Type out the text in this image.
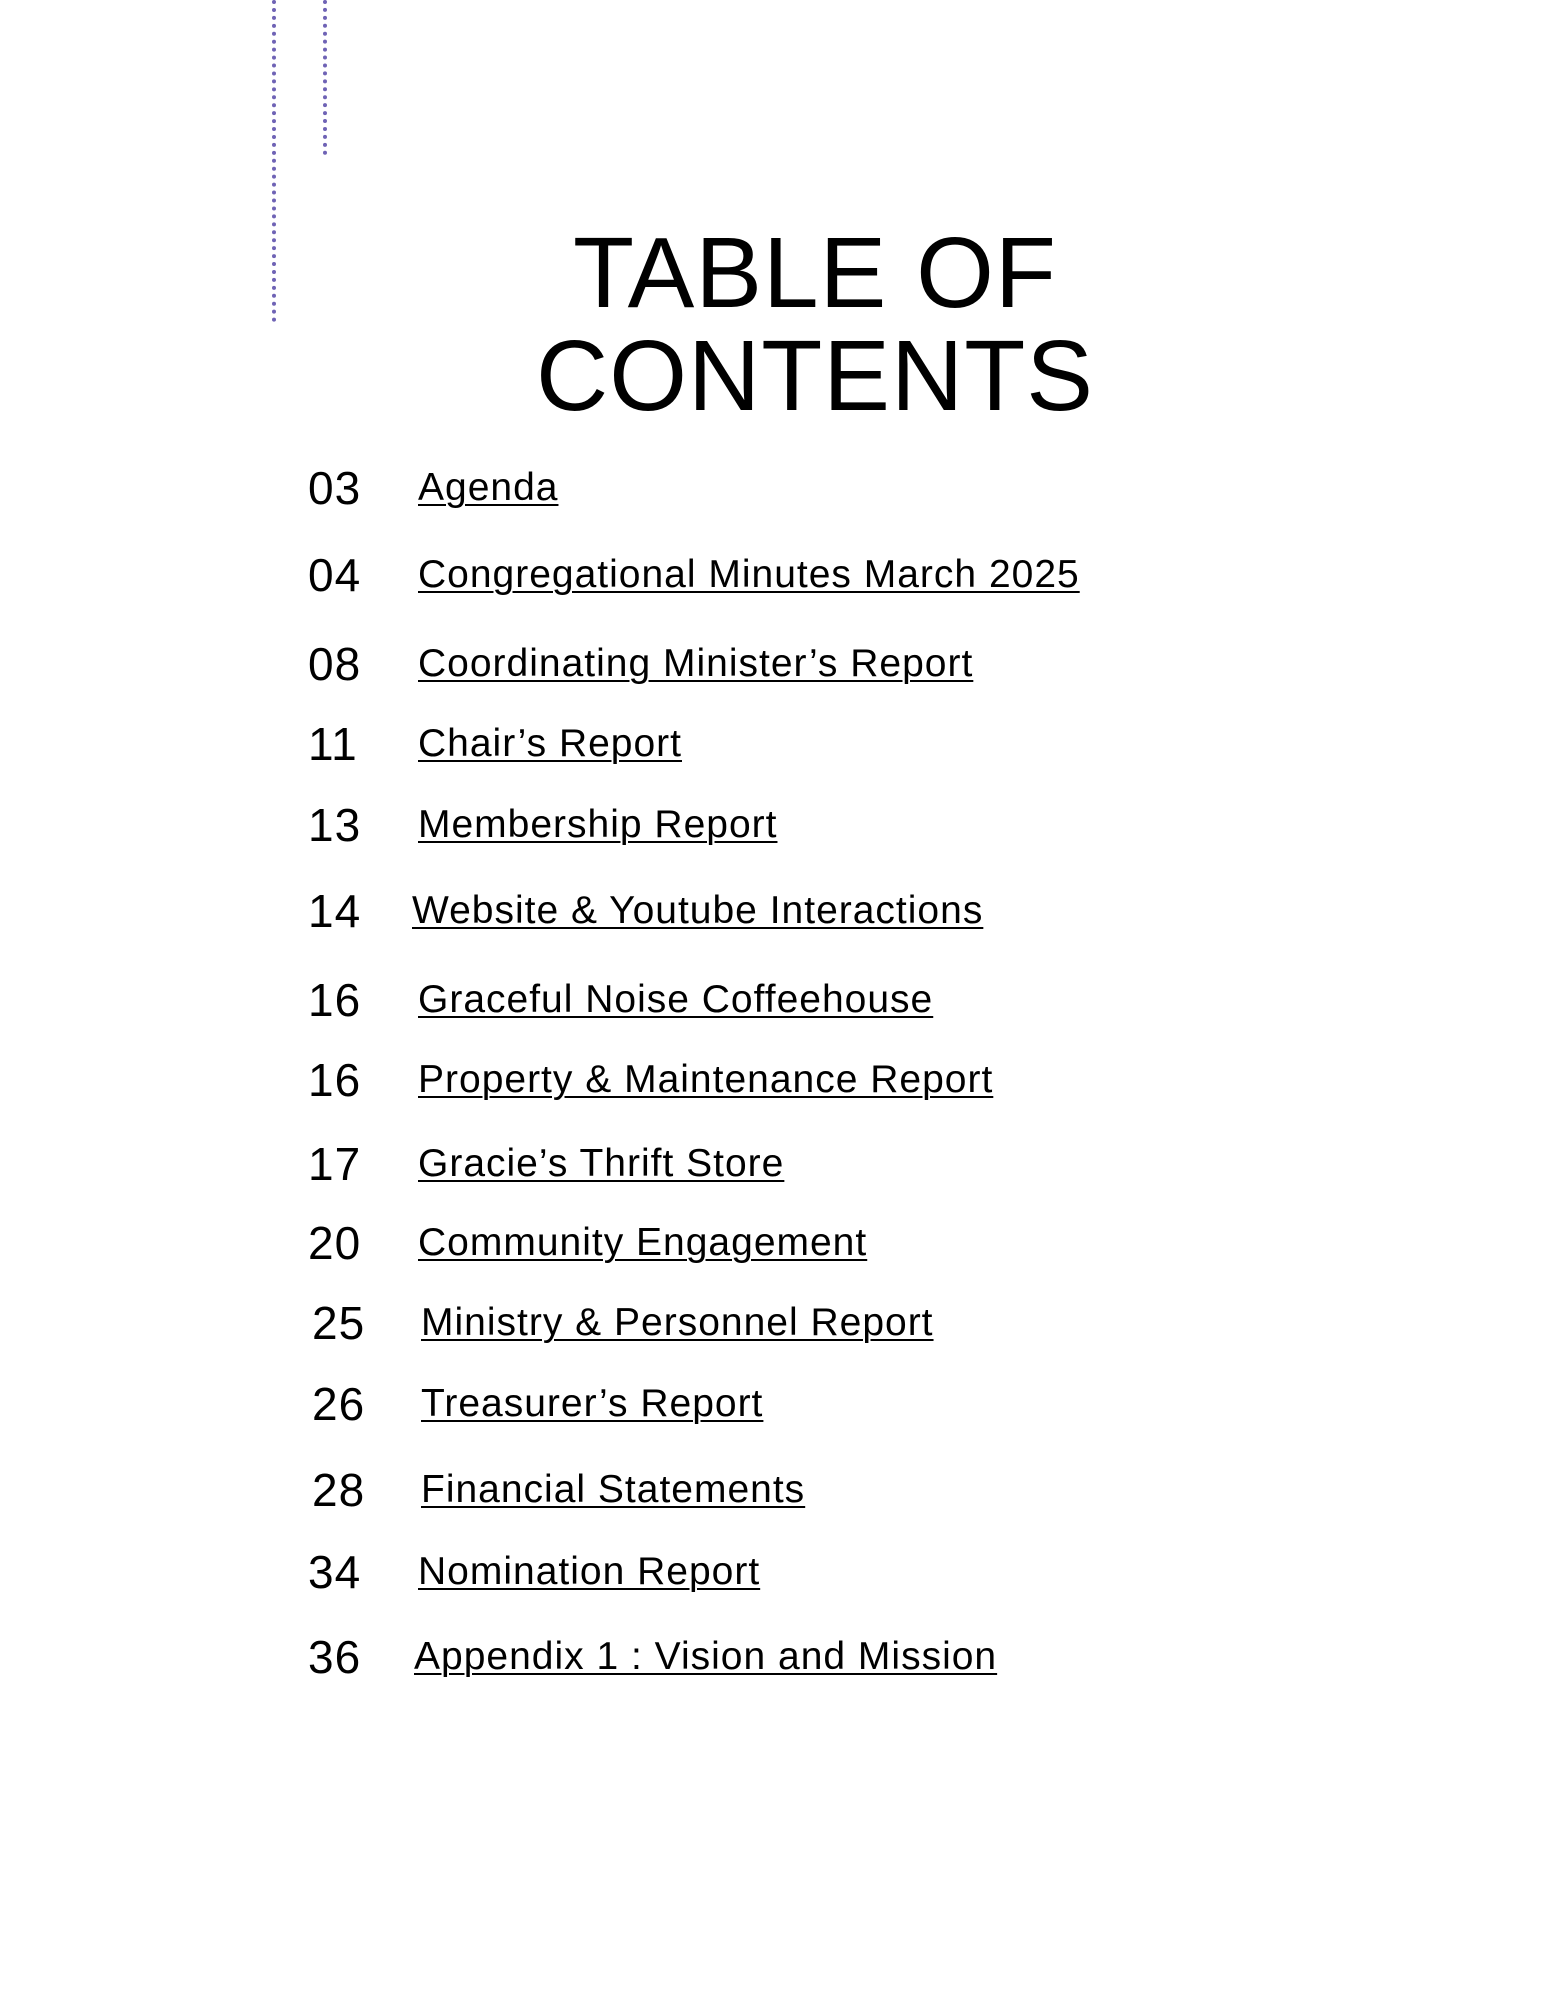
TABLE OF
CONTENTS
03 Agenda
04 Congregational Minutes March 2025
08 Coordinating Minister’s Report
11 Chair’s Report
13 Membership Report
14 Website & Youtube Interactions
16 Graceful Noise Coffeehouse
16 Property & Maintenance Report
17 Gracie’s Thrift Store
20 Community Engagement
25 Ministry & Personnel Report
26 Treasurer’s Report
28 Financial Statements
34 Nomination Report
36 Appendix 1 : Vision and Mission
